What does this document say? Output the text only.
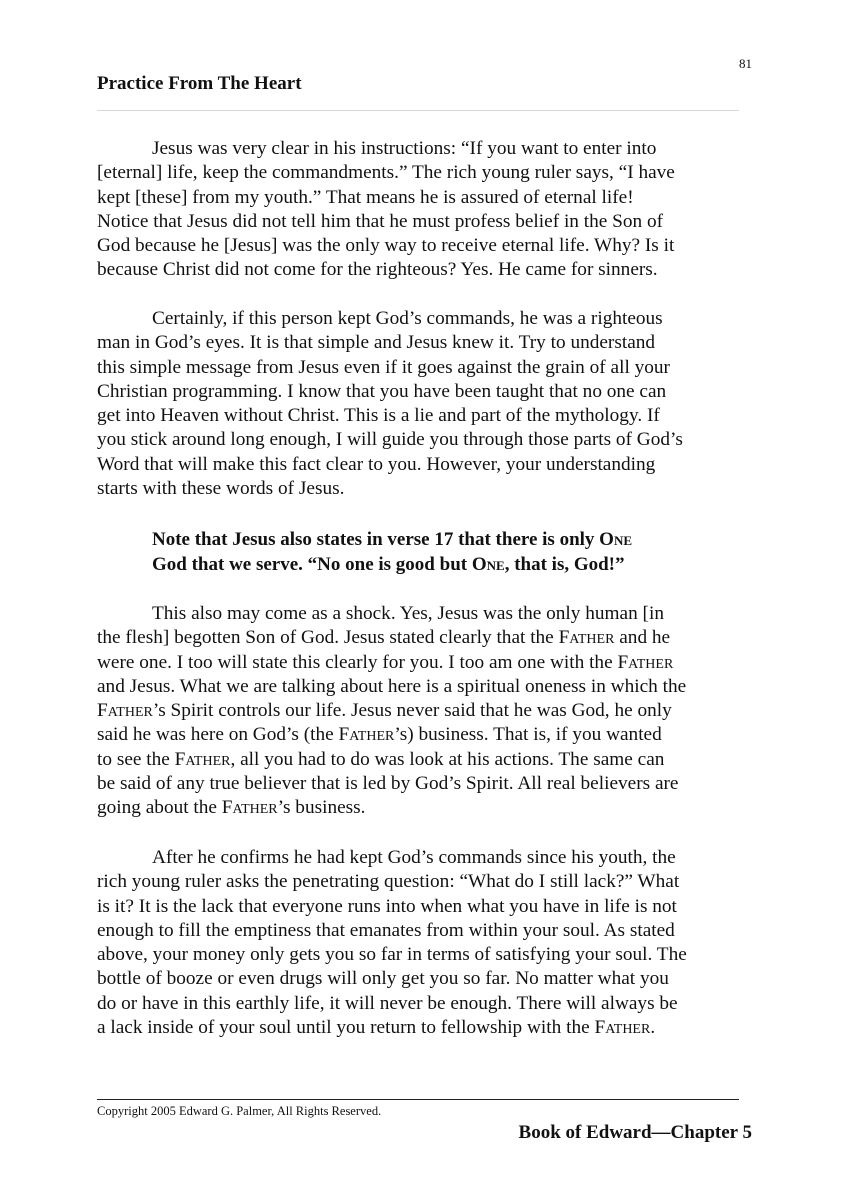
81
Practice From The Heart
Jesus was very clear in his instructions: “If you want to enter into
[eternal] life, keep the commandments.” The rich young ruler says, “I have
kept [these] from my youth.” That means he is assured of eternal life!
Notice that Jesus did not tell him that he must profess belief in the Son of
God because he [Jesus] was the only way to receive eternal life. Why? Is it
because Christ did not come for the righteous? Yes. He came for sinners.
Certainly, if this person kept God’s commands, he was a righteous
man in God’s eyes. It is that simple and Jesus knew it. Try to understand
this simple message from Jesus even if it goes against the grain of all your
Christian programming. I know that you have been taught that no one can
get into Heaven without Christ. This is a lie and part of the mythology. If
you stick around long enough, I will guide you through those parts of God’s
Word that will make this fact clear to you. However, your understanding
starts with these words of Jesus.
Note that Jesus also states in verse 17 that there is only One
God that we serve. “No one is good but One, that is, God!”
This also may come as a shock. Yes, Jesus was the only human [in
the flesh] begotten Son of God. Jesus stated clearly that the Father and he
were one. I too will state this clearly for you. I too am one with the Father
and Jesus. What we are talking about here is a spiritual oneness in which the
Father’s Spirit controls our life. Jesus never said that he was God, he only
said he was here on God’s (the Father’s) business. That is, if you wanted
to see the Father, all you had to do was look at his actions. The same can
be said of any true believer that is led by God’s Spirit. All real believers are
going about the Father’s business.
After he confirms he had kept God’s commands since his youth, the
rich young ruler asks the penetrating question: “What do I still lack?” What
is it? It is the lack that everyone runs into when what you have in life is not
enough to fill the emptiness that emanates from within your soul. As stated
above, your money only gets you so far in terms of satisfying your soul. The
bottle of booze or even drugs will only get you so far. No matter what you
do or have in this earthly life, it will never be enough. There will always be
a lack inside of your soul until you return to fellowship with the Father.
Copyright 2005 Edward G. Palmer, All Rights Reserved.
Book of Edward—Chapter 5
